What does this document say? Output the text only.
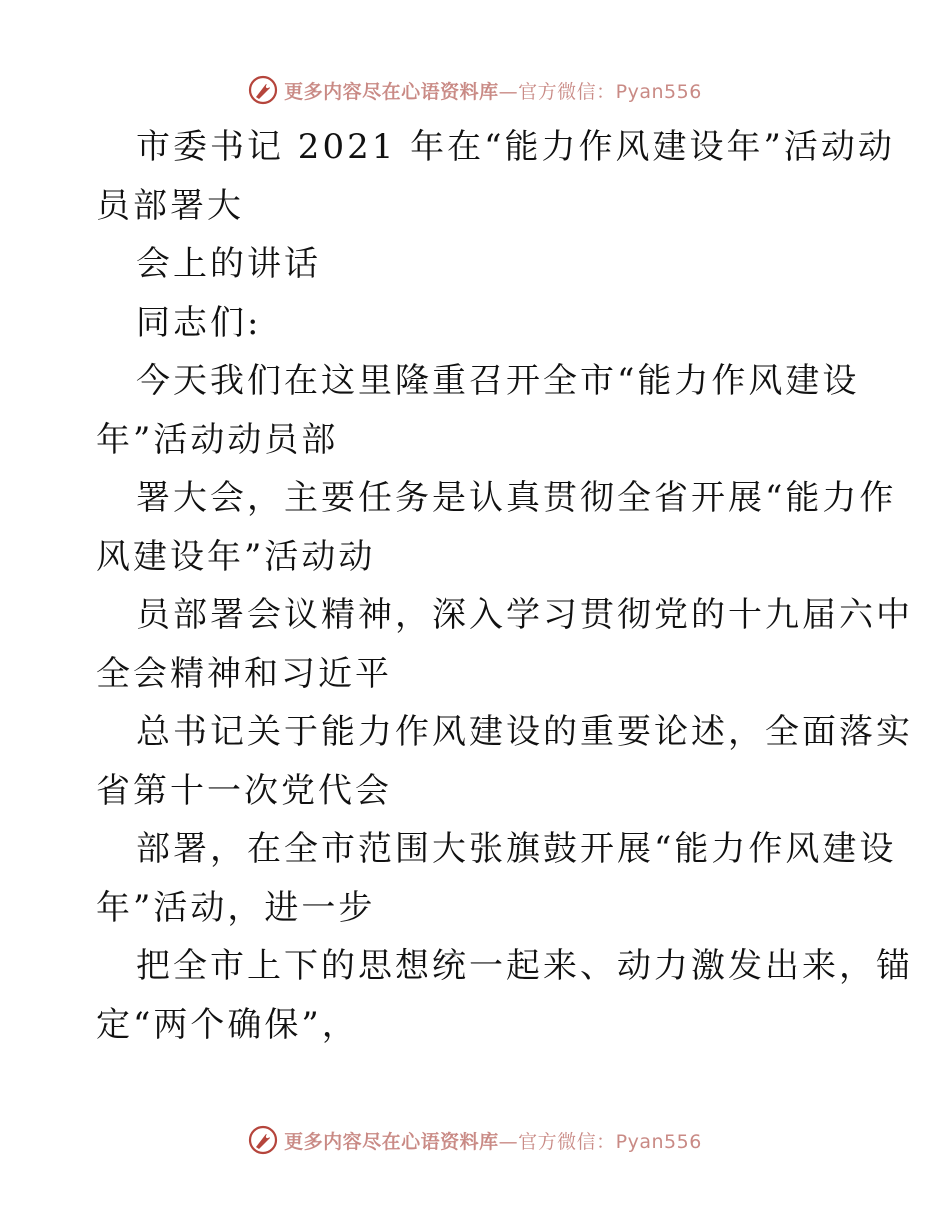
更多内容尽在心语资料库—官方微信：Pyan556
市委书记 2021 年在“能力作风建设年”活动动
员部署大
会上的讲话
同志们:
今天我们在这里隆重召开全市“能力作风建设
年”活动动员部
署大会，主要任务是认真贯彻全省开展“能力作
风建设年”活动动
员部署会议精神，深入学习贯彻党的十九届六中
全会精神和习近平
总书记关于能力作风建设的重要论述，全面落实
省第十一次党代会
部署，在全市范围大张旗鼓开展“能力作风建设
年”活动，进一步
把全市上下的思想统一起来、动力激发出来，锚
定“两个确保”，
更多内容尽在心语资料库—官方微信：Pyan556
